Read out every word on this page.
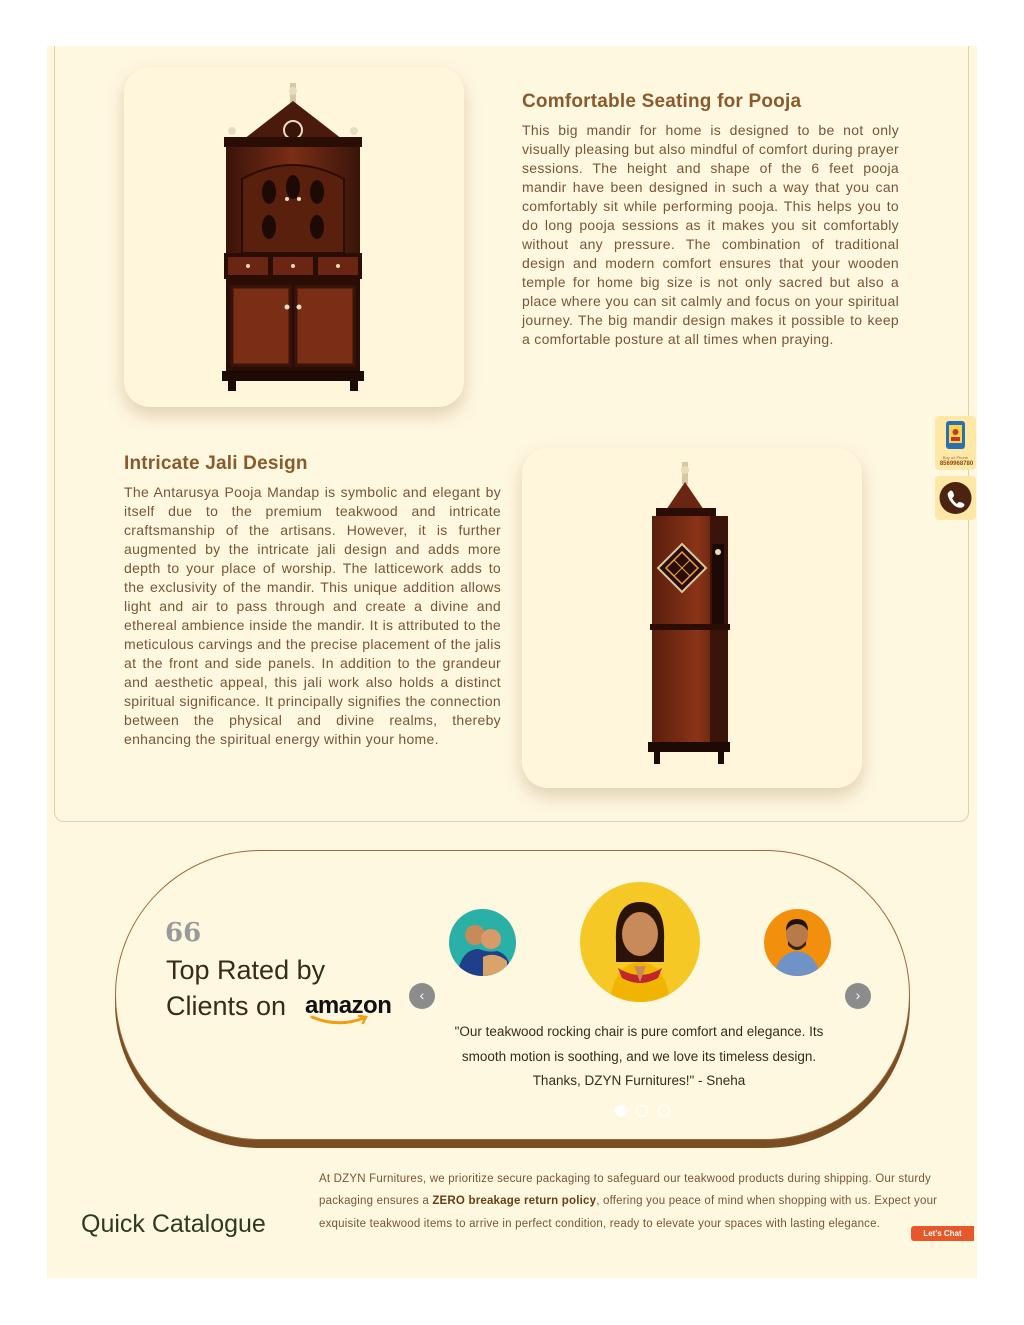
Comfortable Seating for Pooja

This big mandir for home is designed to be not only visually pleasing but also mindful of comfort during prayer sessions. The height and shape of the 6 feet pooja mandir have been designed in such a way that you can comfortably sit while performing pooja. This helps you to do long pooja sessions as it makes you sit comfortably without any pressure. The combination of traditional design and modern comfort ensures that your wooden temple for home big size is not only sacred but also a place where you can sit calmly and focus on your spiritual journey. The big mandir design makes it possible to keep a comfortable posture at all times when praying.

Intricate Jali Design

The Antarusya Pooja Mandap is symbolic and elegant by itself due to the premium teakwood and intricate craftsmanship of the artisans. However, it is further augmented by the intricate jali design and adds more depth to your place of worship. The latticework adds to the exclusivity of the mandir. This unique addition allows light and air to pass through and create a divine and ethereal ambience inside the mandir. It is attributed to the meticulous carvings and the precise placement of the jalis at the front and side panels. In addition to the grandeur and aesthetic appeal, this jali work also holds a distinct spiritual significance. It principally signifies the connection between the physical and divine realms, thereby enhancing the spiritual energy within your home.

Buy on Phone
8569968780
66
Top Rated by
Clients on amazon	‹	›

"Our teakwood rocking chair is pure comfort and elegance. Its smooth motion is soothing, and we love its timeless design. Thanks, DZYN Furnitures!" - Sneha

Quick Catalogue

At DZYN Furnitures, we prioritize secure packaging to safeguard our teakwood products during shipping. Our sturdy packaging ensures a ZERO breakage return policy, offering you peace of mind when shopping with us. Expect your exquisite teakwood items to arrive in perfect condition, ready to elevate your spaces with lasting elegance.

Let's Chat
